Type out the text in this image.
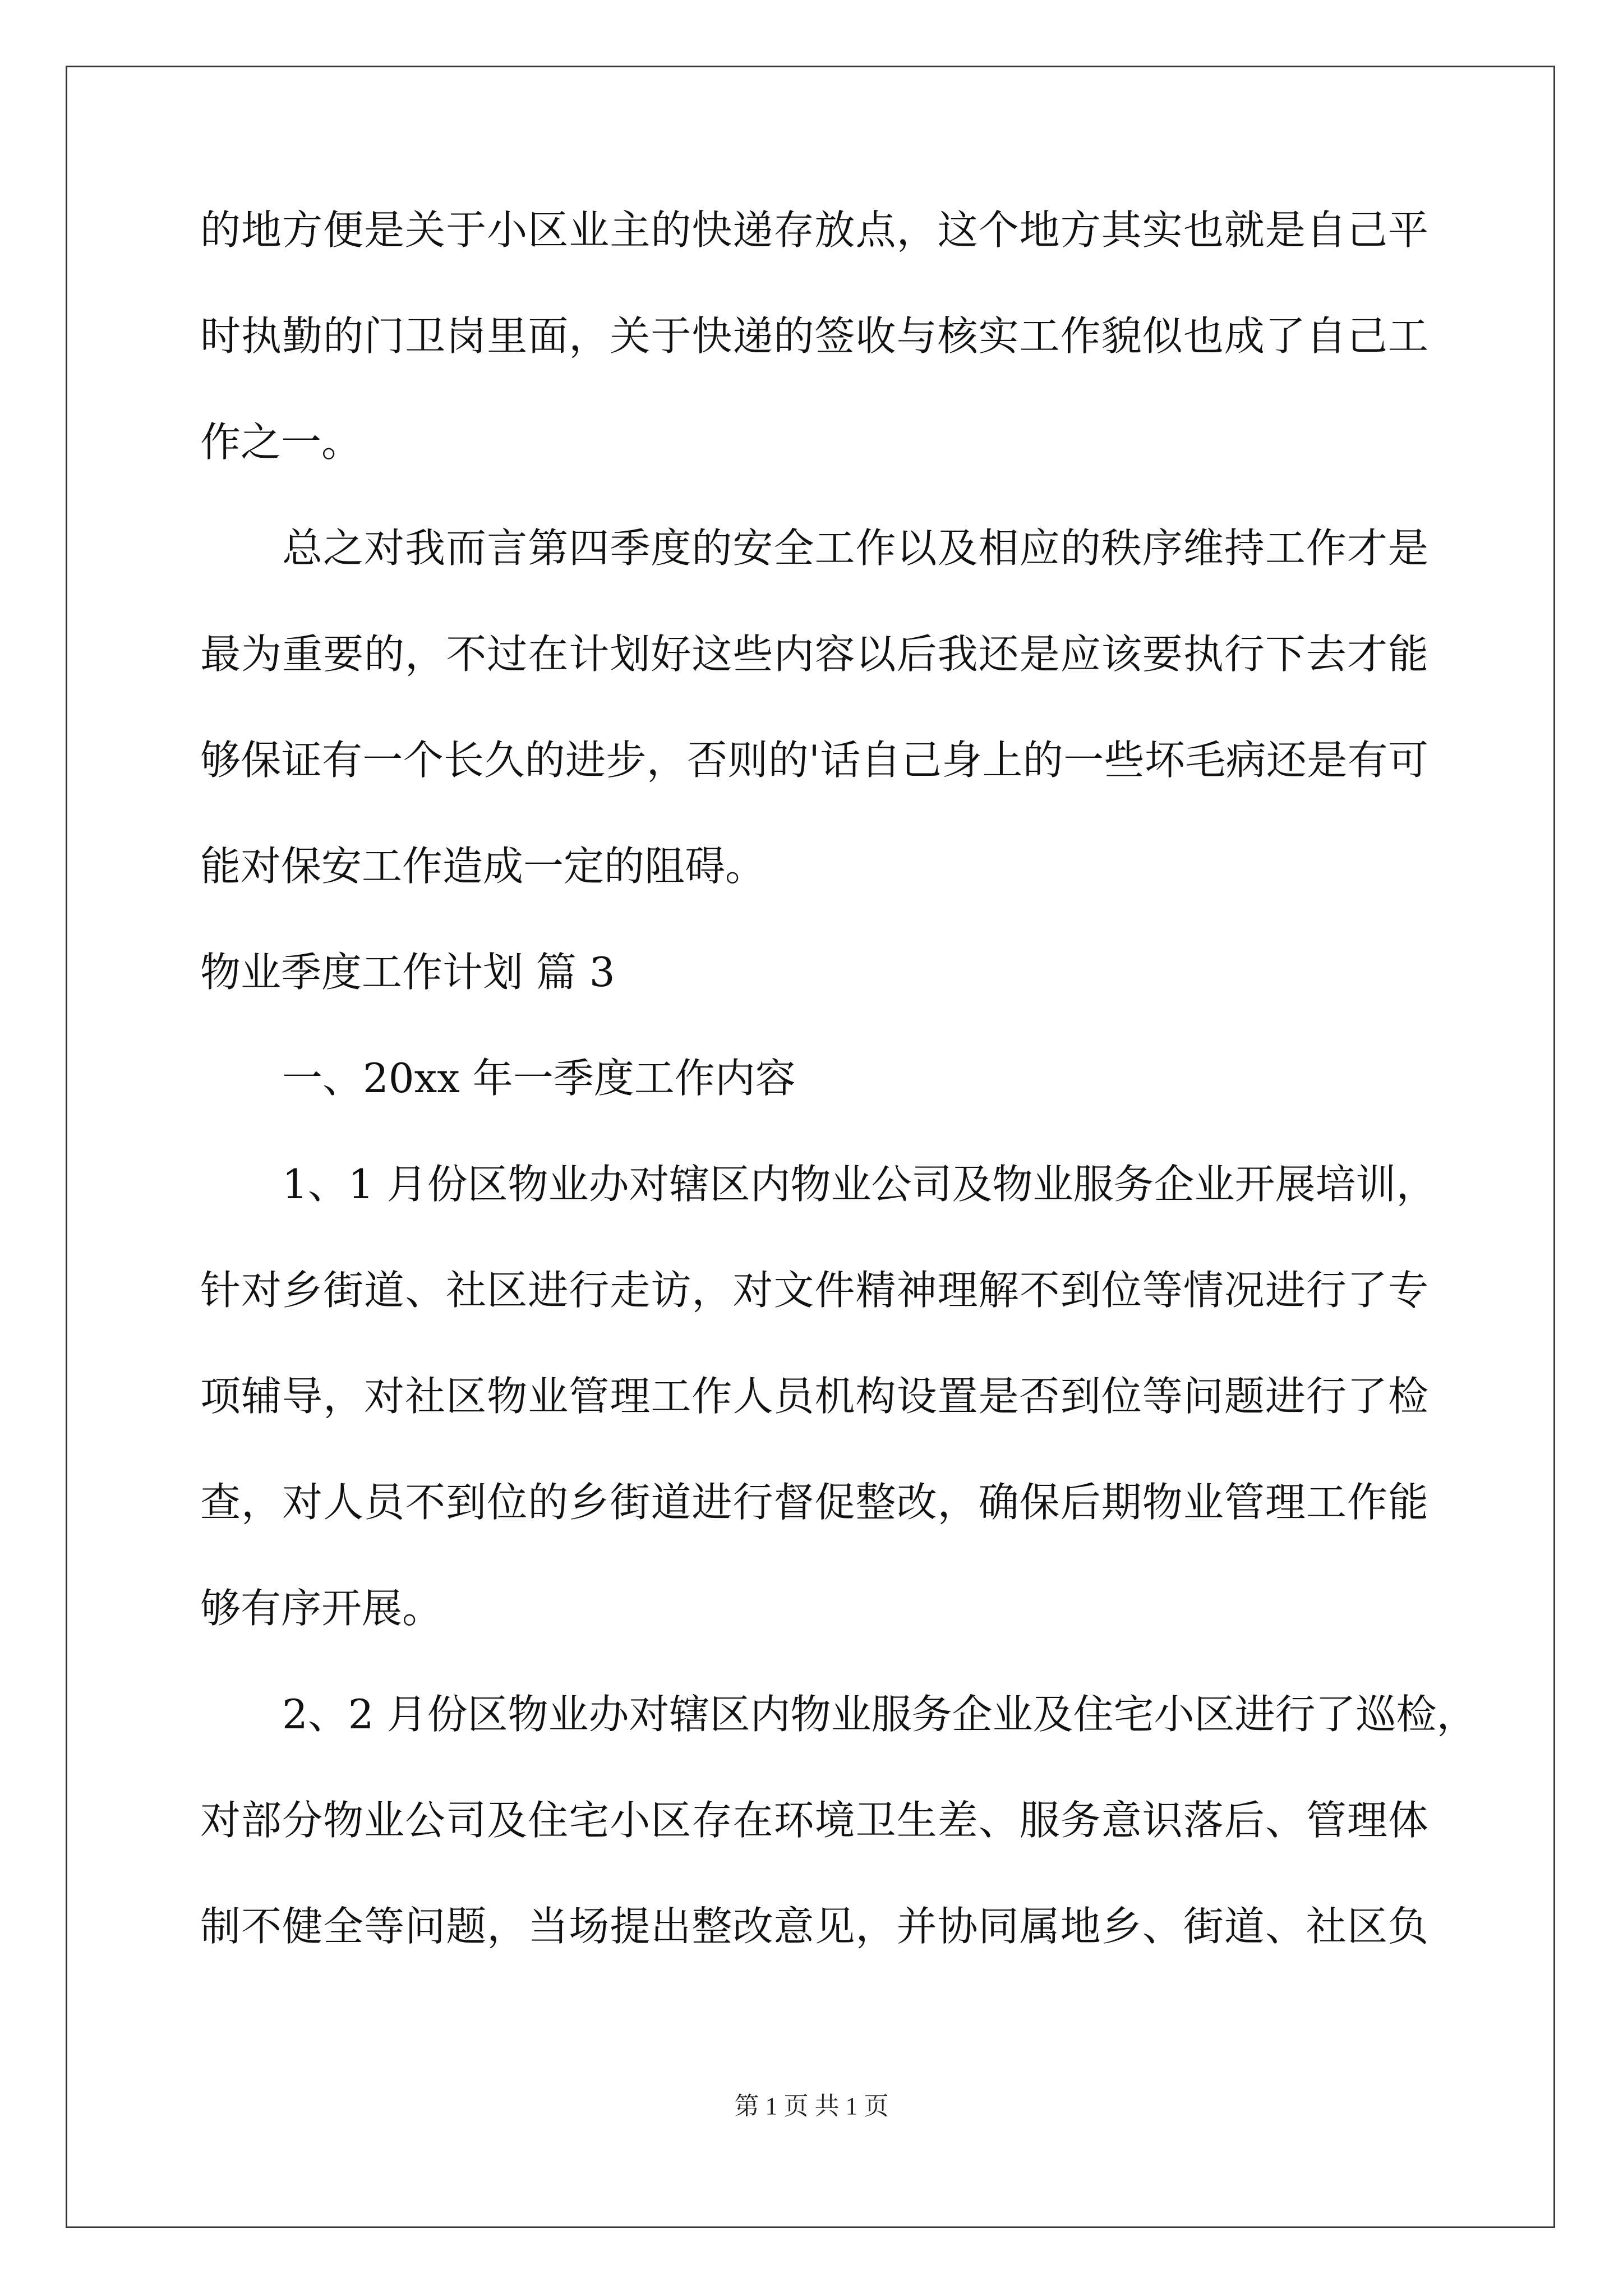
的地方便是关于小区业主的快递存放点，这个地方其实也就是自己平
时执勤的门卫岗里面，关于快递的签收与核实工作貌似也成了自己工
作之一。
总之对我而言第四季度的安全工作以及相应的秩序维持工作才是
最为重要的，不过在计划好这些内容以后我还是应该要执行下去才能
够保证有一个长久的进步，否则的'话自己身上的一些坏毛病还是有可
能对保安工作造成一定的阻碍。
物业季度工作计划 篇 3
一、20xx 年一季度工作内容
1、1 月份区物业办对辖区内物业公司及物业服务企业开展培训，
针对乡街道、社区进行走访，对文件精神理解不到位等情况进行了专
项辅导，对社区物业管理工作人员机构设置是否到位等问题进行了检
查，对人员不到位的乡街道进行督促整改，确保后期物业管理工作能
够有序开展。
2、2 月份区物业办对辖区内物业服务企业及住宅小区进行了巡检，
对部分物业公司及住宅小区存在环境卫生差、服务意识落后、管理体
制不健全等问题，当场提出整改意见，并协同属地乡、街道、社区负
第 1 页 共 1 页
